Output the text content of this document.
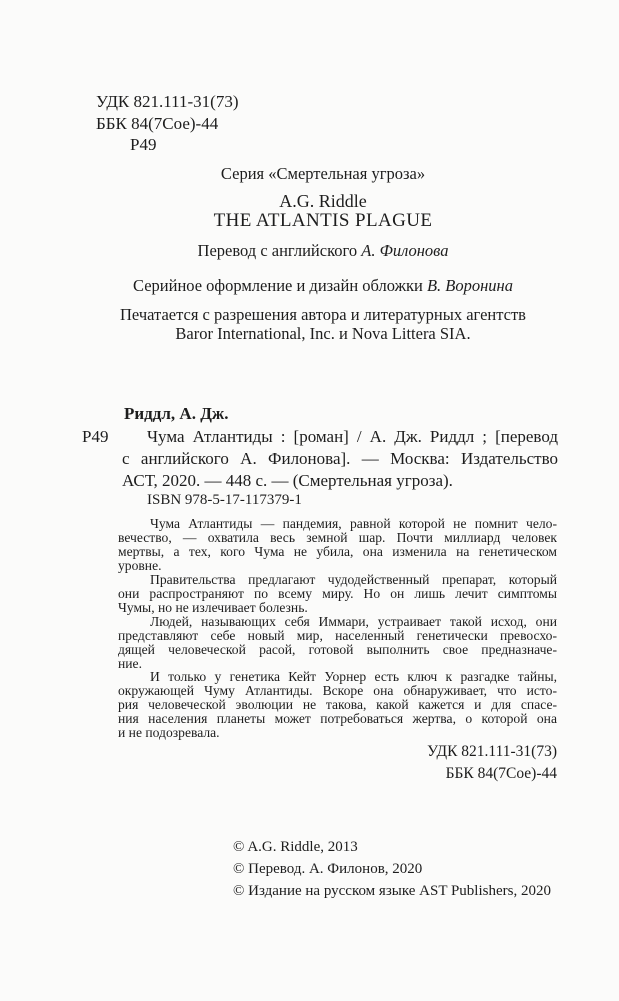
УДК 821.111-31(73)
ББК 84(7Сое)-44
Р49
Серия «Смертельная угроза»
A.G. Riddle
THE ATLANTIS PLAGUE
Перевод с английского А. Филонова
Серийное оформление и дизайн обложки В. Воронина
Печатается с разрешения автора и литературных агентств
Baror International, Inc. и Nova Littera SIA.
Риддл, А. Дж.
Р49	Чума Атлантиды : [роман] / А. Дж. Риддл ; [перевод
с английского А. Филонова]. — Москва: Издательство
АСТ, 2020. — 448 с. — (Смертельная угроза).
ISBN 978-5-17-117379-1
Чума Атлантиды — пандемия, равной которой не помнит чело-
вечество, — охватила весь земной шар. Почти миллиард человек
мертвы, а тех, кого Чума не убила, она изменила на генетическом
уровне.
Правительства предлагают чудодейственный препарат, который
они распространяют по всему миру. Но он лишь лечит симптомы
Чумы, но не излечивает болезнь.
Людей, называющих себя Иммари, устраивает такой исход, они
представляют себе новый мир, населенный генетически превосхо-
дящей человеческой расой, готовой выполнить свое предназначе-
ние.
И только у генетика Кейт Уорнер есть ключ к разгадке тайны,
окружающей Чуму Атлантиды. Вскоре она обнаруживает, что исто-
рия человеческой эволюции не такова, какой кажется и для спасе-
ния населения планеты может потребоваться жертва, о которой она
и не подозревала.
УДК 821.111-31(73)
ББК 84(7Сое)-44
© A.G. Riddle, 2013
© Перевод. А. Филонов, 2020
© Издание на русском языке AST Publishers, 2020
